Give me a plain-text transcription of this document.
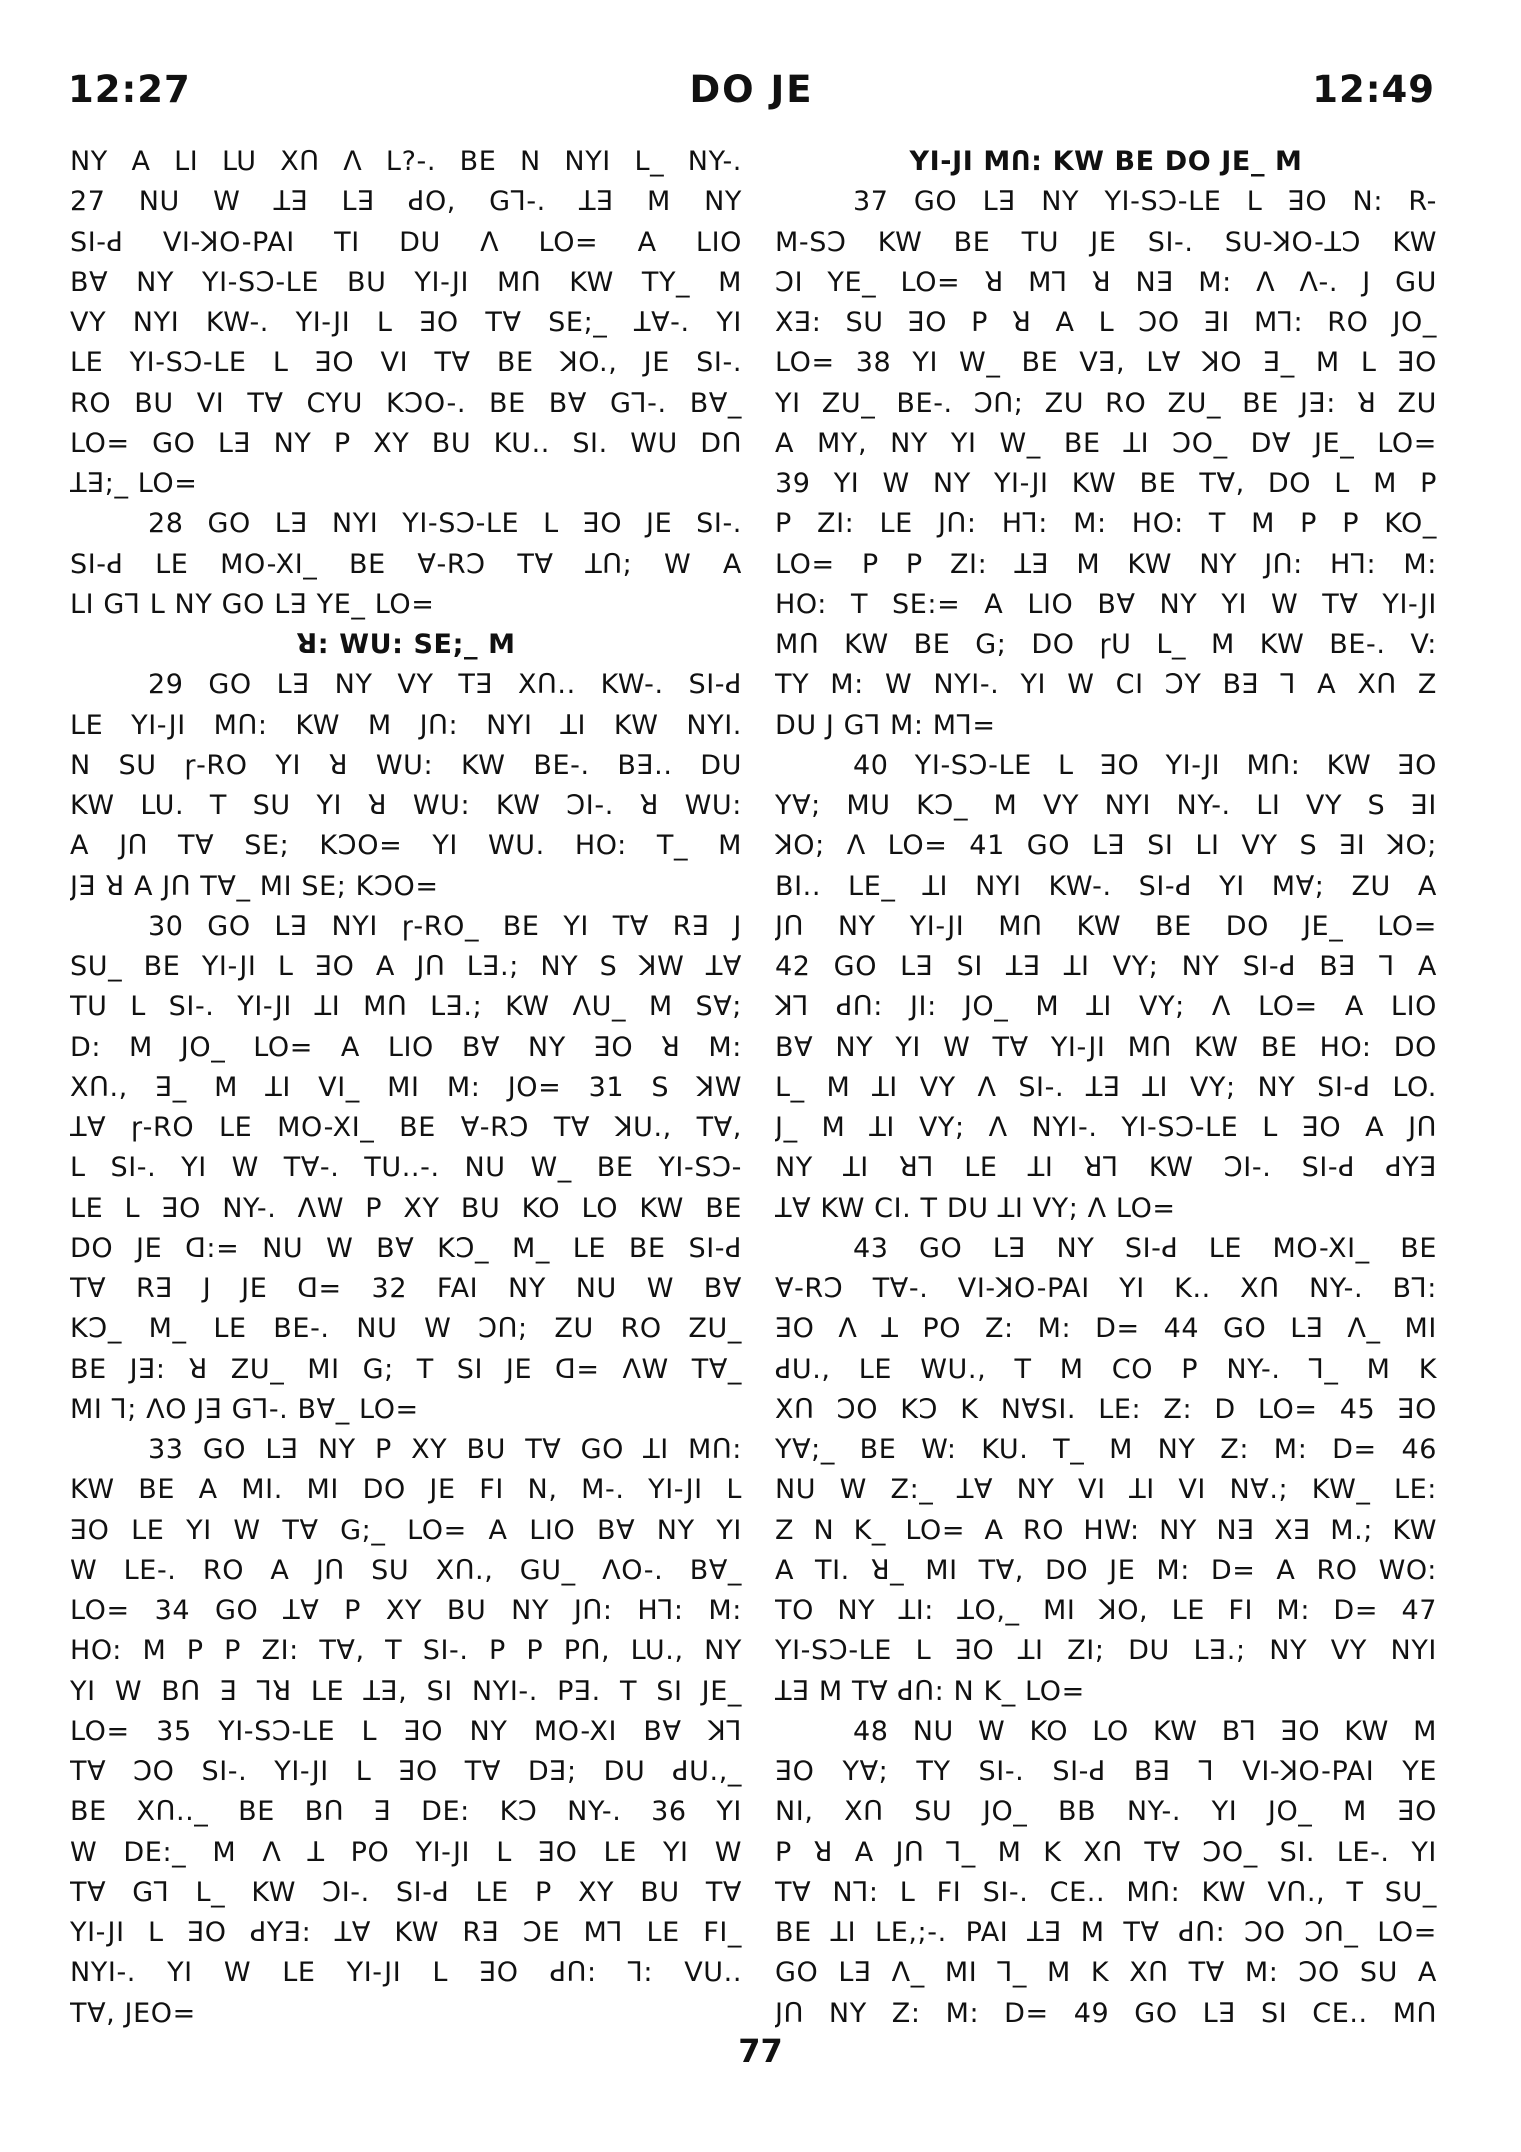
DO JE
12:27	12:49
NY A LI LU XՈ Λ L?-. BE N NYI L_ NY-.
27 NU W ꓕꓱ Lꓱ ꓒO, Gꓶ-. ꓕꓱ M NY
SI-ꓒ VI-ꓘO-PAI TI DU Λ LO= A LIO
Bꓯ NY YI-Sꓛ-LE BU YI-JI MՈ KW TY_ M
VY NYI KW-. YI-JI L ꓱO Tꓯ SE;_ ꓕꓯ-. YI
LE YI-Sꓛ-LE L ꓱO VI Tꓯ BE ꓘO., JE SI-.
RO BU VI Tꓯ CYU KꓛO-. BE Bꓯ Gꓶ-. Bꓯ_
LO= GO Lꓱ NY P XY BU KU.. SI. WU DՈ
ꓕꓱ;_ LO=
28 GO Lꓱ NYI YI-Sꓛ-LE L ꓱO JE SI-.
SI-ꓒ LE MO-XI_ BE ꓯ-Rꓛ Tꓯ ꓕՈ; W A
LI Gꓶ L NY GO Lꓱ YE_ LO=
ꓤ: WU: SE;_ M
29 GO Lꓱ NY VY Tꓱ XՈ.. KW-. SI-ꓒ
LE YI-JI MՈ: KW M JՈ: NYI ꓕI KW NYI.
N SU ɼ-RO YI ꓤ WU: KW BE-. Bꓱ.. DU
KW LU. T SU YI ꓤ WU: KW ꓛI-. ꓤ WU:
A JՈ Tꓯ SE; KꓛO= YI WU. HO: T_ M
Jꓱ ꓤ A JՈ Tꓯ_ MI SE; KꓛO=
30 GO Lꓱ NYI ɼ-RO_ BE YI Tꓯ Rꓱ J
SU_ BE YI-JI L ꓱO A JՈ Lꓱ.; NY S ꓘW ꓕꓯ
TU L SI-. YI-JI ꓕI MՈ Lꓱ.; KW ΛU_ M Sꓯ;
D: M JO_ LO= A LIO Bꓯ NY ꓱO ꓤ M:
XՈ., ꓱ_ M ꓕI VI_ MI M: JO= 31 S ꓘW
ꓕꓯ ɼ-RO LE MO-XI_ BE ꓯ-Rꓛ Tꓯ ꓘU., Tꓯ,
L SI-. YI W Tꓯ-. TU..-. NU W_ BE YI-Sꓛ-
LE L ꓱO NY-. ΛW P XY BU KO LO KW BE
DO JE ꓷ:= NU W Bꓯ Kꓛ_ M_ LE BE SI-ꓒ
Tꓯ Rꓱ J JE ꓷ= 32 FAI NY NU W Bꓯ
Kꓛ_ M_ LE BE-. NU W ꓛՈ; ZU RO ZU_
BE Jꓱ: ꓤ ZU_ MI G; T SI JE ꓷ= ΛW Tꓯ_
MI ꓶ; ΛO Jꓱ Gꓶ-. Bꓯ_ LO=
33 GO Lꓱ NY P XY BU Tꓯ GO ꓕI MՈ:
KW BE A MI. MI DO JE FI N, M-. YI-JI L
ꓱO LE YI W Tꓯ G;_ LO= A LIO Bꓯ NY YI
W LE-. RO A JՈ SU XՈ., GU_ ΛO-. Bꓯ_
LO= 34 GO ꓕꓯ P XY BU NY JՈ: Hꓶ: M:
HO: M P P ZI: Tꓯ, T SI-. P P PՈ, LU., NY
YI W BՈ ꓱ ꓶꓤ LE ꓕꓱ, SI NYI-. Pꓱ. T SI JE_
LO= 35 YI-Sꓛ-LE L ꓱO NY MO-XI Bꓯ ꓘꓶ
Tꓯ ꓛO SI-. YI-JI L ꓱO Tꓯ Dꓱ; DU ꓒU.,_
BE XՈ.._ BE BՈ ꓱ DE: Kꓛ NY-. 36 YI
W DE:_ M Λ ꓕ PO YI-JI L ꓱO LE YI W
Tꓯ Gꓶ L_ KW ꓛI-. SI-ꓒ LE P XY BU Tꓯ
YI-JI L ꓱO ꓒYꓱ: ꓕꓯ KW Rꓱ ꓛE Mꓶ LE FI_
NYI-. YI W LE YI-JI L ꓱO ꓒՈ: ꓶ: VU..
Tꓯ, JEO=
YI-JI MՈ: KW BE DO JE_ M
37 GO Lꓱ NY YI-Sꓛ-LE L ꓱO N: R-
M-Sꓛ KW BE TU JE SI-. SU-ꓘO-ꓕꓛ KW
ꓛI YE_ LO= ꓤ Mꓶ ꓤ Nꓱ M: Λ Λ-. J GU
Xꓱ: SU ꓱO P ꓤ A L ꓛO ꓱI Mꓶ: RO JO_
LO= 38 YI W_ BE Vꓱ, Lꓯ ꓘO ꓱ_ M L ꓱO
YI ZU_ BE-. ꓛՈ; ZU RO ZU_ BE Jꓱ: ꓤ ZU
A MY, NY YI W_ BE ꓕI ꓛO_ Dꓯ JE_ LO=
39 YI W NY YI-JI KW BE Tꓯ, DO L M P
P ZI: LE JՈ: Hꓶ: M: HO: T M P P KO_
LO= P P ZI: ꓕꓱ M KW NY JՈ: Hꓶ: M:
HO: T SE:= A LIO Bꓯ NY YI W Tꓯ YI-JI
MՈ KW BE G; DO ɼU L_ M KW BE-. V:
TY M: W NYI-. YI W CI ꓛY Bꓱ ꓶ A XՈ Z
DU J Gꓶ M: Mꓶ=
40 YI-Sꓛ-LE L ꓱO YI-JI MՈ: KW ꓱO
Yꓯ; MU Kꓛ_ M VY NYI NY-. LI VY S ꓱI
ꓘO; Λ LO= 41 GO Lꓱ SI LI VY S ꓱI ꓘO;
BI.. LE_ ꓕI NYI KW-. SI-ꓒ YI Mꓯ; ZU A
JՈ NY YI-JI MՈ KW BE DO JE_ LO=
42 GO Lꓱ SI ꓕꓱ ꓕI VY; NY SI-ꓒ Bꓱ ꓶ A
ꓘꓶ ꓒՈ: JI: JO_ M ꓕI VY; Λ LO= A LIO
Bꓯ NY YI W Tꓯ YI-JI MՈ KW BE HO: DO
L_ M ꓕI VY Λ SI-. ꓕꓱ ꓕI VY; NY SI-ꓒ LO.
J_ M ꓕI VY; Λ NYI-. YI-Sꓛ-LE L ꓱO A JՈ
NY ꓕI ꓤꓶ LE ꓕI ꓤꓶ KW ꓛI-. SI-ꓒ ꓒYꓱ
ꓕꓯ KW CI. T DU ꓕI VY; Λ LO=
43 GO Lꓱ NY SI-ꓒ LE MO-XI_ BE
ꓯ-Rꓛ Tꓯ-. VI-ꓘO-PAI YI K.. XՈ NY-. Bꓶ:
ꓱO Λ ꓕ PO Z: M: D= 44 GO Lꓱ Λ_ MI
ꓒU., LE WU., T M CO P NY-. ꓶ_ M K
XՈ ꓛO Kꓛ K NꓯSI. LE: Z: D LO= 45 ꓱO
Yꓯ;_ BE W: KU. T_ M NY Z: M: D= 46
NU W Z:_ ꓕꓯ NY VI ꓕI VI Nꓯ.; KW_ LE:
Z N K_ LO= A RO HW: NY Nꓱ Xꓱ M.; KW
A TI. ꓤ_ MI Tꓯ, DO JE M: D= A RO WO:
TO NY ꓕI: ꓕO,_ MI ꓘO, LE FI M: D= 47
YI-Sꓛ-LE L ꓱO ꓕI ZI; DU Lꓱ.; NY VY NYI
ꓕꓱ M Tꓯ ꓒՈ: N K_ LO=
48 NU W KO LO KW Bꓶ ꓱO KW M
ꓱO Yꓯ; TY SI-. SI-ꓒ Bꓱ ꓶ VI-ꓘO-PAI YE
NI, XՈ SU JO_ BB NY-. YI JO_ M ꓱO
P ꓤ A JՈ ꓶ_ M K XՈ Tꓯ ꓛO_ SI. LE-. YI
Tꓯ Nꓶ: L FI SI-. CE.. MՈ: KW VՈ., T SU_
BE ꓕI LE,;-. PAI ꓕꓱ M Tꓯ ꓒՈ: ꓛO ꓛՈ_ LO=
GO Lꓱ Λ_ MI ꓶ_ M K XՈ Tꓯ M: ꓛO SU A
JՈ NY Z: M: D= 49 GO Lꓱ SI CE.. MՈ
77
